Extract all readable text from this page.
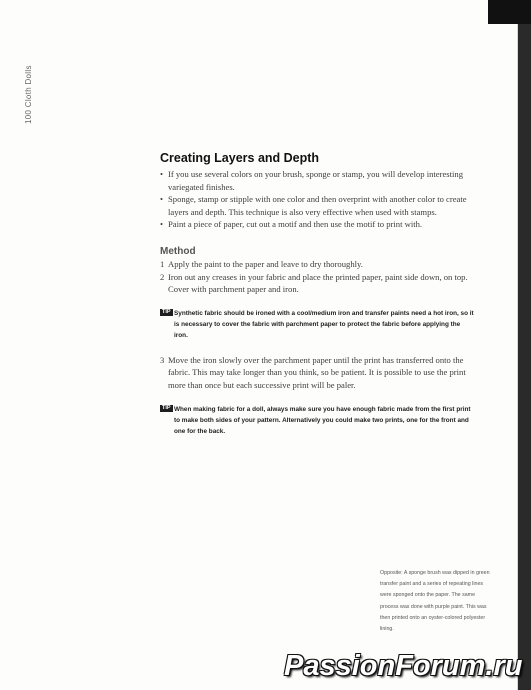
100 Cloth Dolls
Creating Layers and Depth
• If you use several colors on your brush, sponge or stamp, you will develop interesting variegated finishes.
• Sponge, stamp or stipple with one color and then overprint with another color to create layers and depth. This technique is also very effective when used with stamps.
• Paint a piece of paper, cut out a motif and then use the motif to print with.
Method
1 Apply the paint to the paper and leave to dry thoroughly.
2 Iron out any creases in your fabric and place the printed paper, paint side down, on top. Cover with parchment paper and iron.
TIP Synthetic fabric should be ironed with a cool/medium iron and transfer paints need a hot iron, so it is necessary to cover the fabric with parchment paper to protect the fabric before applying the iron.
3 Move the iron slowly over the parchment paper until the print has transferred onto the fabric. This may take longer than you think, so be patient. It is possible to use the print more than once but each successive print will be paler.
TIP When making fabric for a doll, always make sure you have enough fabric made from the first print to make both sides of your pattern. Alternatively you could make two prints, one for the front and one for the back.
Opposite: A sponge brush was dipped in green transfer paint and a series of repeating lines were sponged onto the paper. The same process was done with purple paint. This was then printed onto an oyster-colored polyester lining.
PassionForum.ru
